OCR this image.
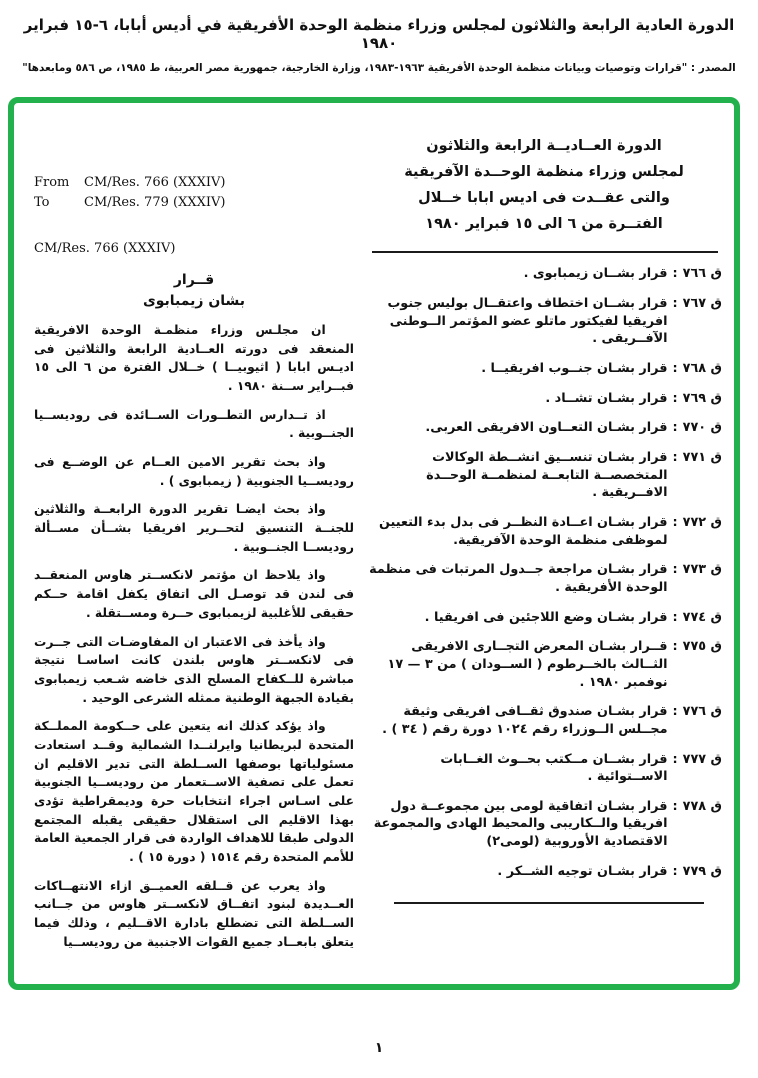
الدورة العادية الرابعة والثلاثون لمجلس وزراء منظمة الوحدة الأفريقية في أديس أبابا، ٦-١٥ فبراير ١٩٨٠
المصدر : "قرارات وتوصيات وبيانات منظمة الوحدة الأفريقية ١٩٦٣-١٩٨٣، وزارة الخارجية، جمهورية مصر العربية، ط ١٩٨٥، ص ٥٨٦ ومابعدها"
الدورة العــاديــة الرابعة والثلاثون
لمجلس وزراء منظمة الوحــدة الآفريقية
والتى عقــدت فى اديس ابابا خــلال
الفتــرة من ٦ الى ١٥ فبراير ١٩٨٠
ق ٧٦٦
:
قرار بشــان زيمبابوى .
ق ٧٦٧
:
قرار بشــان اختطاف واعتقــال بوليس جنوب افريقيا لفيكتور ماتلو عضو المؤتمر الــوطنى الآفــريقى .
ق ٧٦٨
:
قرار بشـان جنــوب افريقيــا .
ق ٧٦٩
:
قرار بشـان تشــاد .
ق ٧٧٠
:
قرار بشـان التعــاون الافريقى العربى.
ق ٧٧١
:
قرار بشـان تنســيق انشــطة الوكالات المتخصصــة التابعــة لمنظمــة الوحــدة الافــريقية .
ق ٧٧٢
:
قرار بشـان اعــادة النظــر فى بدل بدء التعيين لموظفى منظمة الوحدة الآفريقية.
ق ٧٧٣
:
قرار بشـان مراجعة جــدول المرتبات فى منظمة الوحدة الأفريقية .
ق ٧٧٤
:
قرار بشـان وضع اللاجئين فى افريقيا .
ق ٧٧٥
:
قــرار بشـان المعرض التجــارى الافريقى الثــالث بالخــرطوم ( الســودان ) من ٣ — ١٧ نوفمبر ١٩٨٠ .
ق ٧٧٦
:
قرار بشـان صندوق ثقــافى افريقى وثيقة مجــلس الــوزراء رقم ١٠٢٤ دورة رقم ( ٣٤ ) .
ق ٧٧٧
:
قرار بشــان مــكتب بحــوث الغــابات الاســتوائية .
ق ٧٧٨
:
قرار بشـان اتفاقية لومى بين مجموعــة دول افريقيا والــكاريبى والمحيط الهادى والمجموعة الاقتصادية الأوروبية (لومى٢)
ق ٧٧٩
:
قرار بشـان توجيه الشــكر .
From	CM/Res. 766 (XXXIV)
To	CM/Res. 779 (XXXIV)
CM/Res. 766 (XXXIV)
قــرار
بشان زيمبابوى

ان مجلـس وزراء منظمـة الوحدة الافريقية المنعقد فى دورته العــادية الرابعة والثلاثين فى اديـس ابابا ( اثيوبيــا ) خــلال الفترة من ٦ الى ١٥ فبــراير ســنة ١٩٨٠ .

اذ تــدارس التطــورات الســائدة فى روديســيا الجنــوبية .

واذ بحث تقرير الامين العــام عن الوضــع فى روديســيا الجنوبية ( زيمبابوى ) .

واذ بحث ايضـا تقرير الدورة الرابعــة والثلاثين للجنــة التنسيق لتحــرير افريقيا بشــأن مســألة روديســا الجنــوبية .

واذ يلاحظ ان مؤتمر لانكســتر هاوس المنعقــد فى لندن قد توصـل الى اتفاق يكفل اقامة حــكم حقيقى للأغلبية لزيمبابوى حــرة ومســتقلة .

واذ يأخذ فى الاعتبار ان المفاوضـات التى جــرت فى لانكســتر هاوس بلندن كانت اساسـا نتيجة مباشرة للــكفاح المسلح الذى خاضه شـعب زيمبابوى بقيادة الجبهة الوطنية ممثله الشرعى الوحيد .

واذ يؤكد كذلك انه يتعين على حــكومة المملــكة المتحدة لبريطانيا وايرلنــدا الشمالية وقــد استعادت مسئولياتها بوصفها الســلطة التى تدير الاقليم ان تعمل على تصفية الاســتعمار من روديســيا الجنوبية على اسـاس اجراء انتخابات حرة وديمقراطية تؤدى بهذا الاقليم الى استقلال حقيقى يقبله المجتمع الدولى طبقا للاهداف الواردة فى قرار الجمعية العامة للأمم المتحدة رقم ١٥١٤ ( دورة ١٥ ) .

واذ يعرب عن قــلقه العميــق ازاء الانتهــاكات العــديدة لبنود اتفــاق لانكســتر هاوس من جــانب الســلطة التى تضطلع بادارة الاقــليم ، وذلك فيما يتعلق بابعــاد جميع القوات الاجنبية من روديســيا

١
